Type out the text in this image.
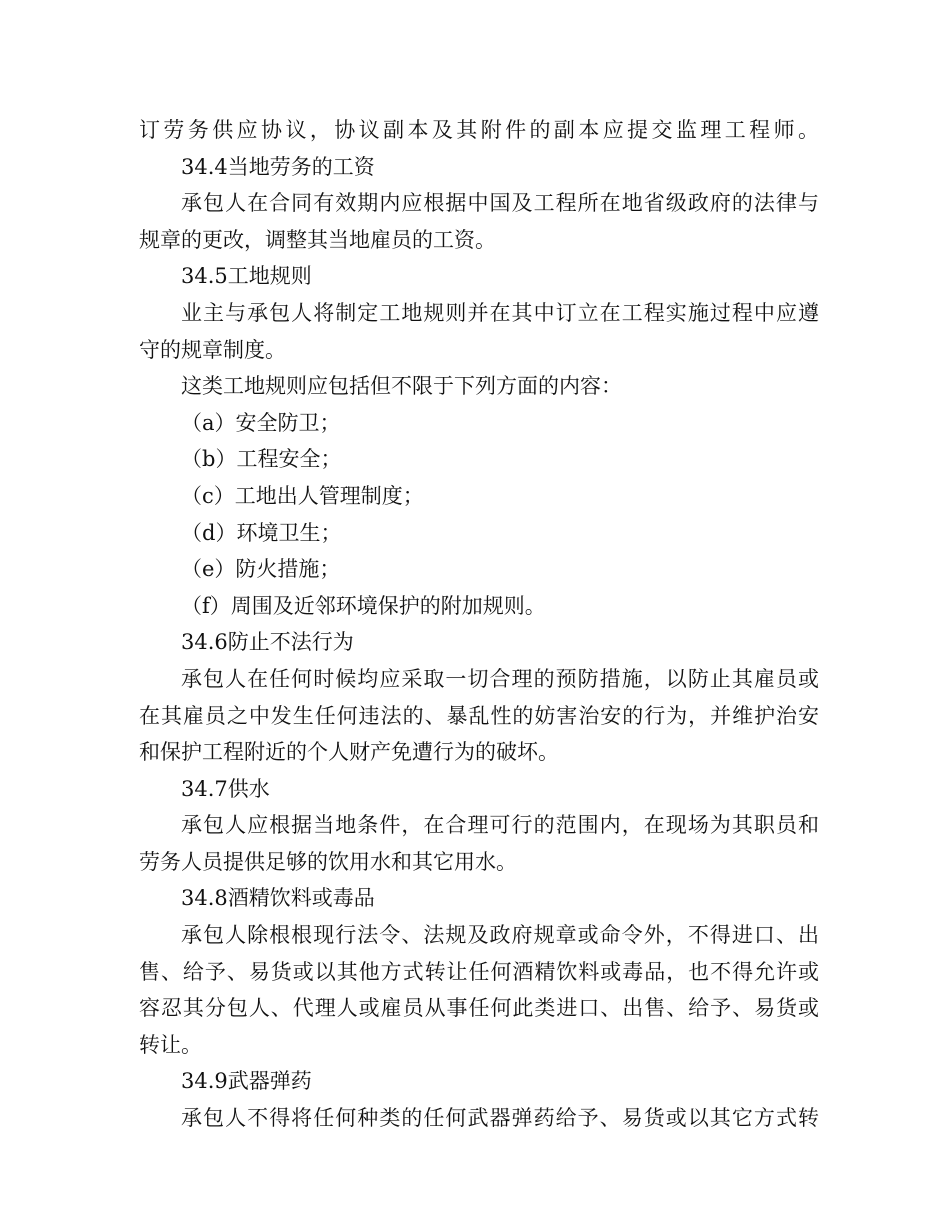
订劳务供应协议，协议副本及其附件的副本应提交监理工程师。
34.4当地劳务的工资
承包人在合同有效期内应根据中国及工程所在地省级政府的法律与
规章的更改，调整其当地雇员的工资。
34.5工地规则
业主与承包人将制定工地规则并在其中订立在工程实施过程中应遵
守的规章制度。
这类工地规则应包括但不限于下列方面的内容：
（a）安全防卫；
（b）工程安全；
（c）工地出人管理制度；
（d）环境卫生；
（e）防火措施；
（f）周围及近邻环境保护的附加规则。
34.6防止不法行为
承包人在任何时候均应采取一切合理的预防措施，以防止其雇员或
在其雇员之中发生任何违法的、暴乱性的妨害治安的行为，并维护治安
和保护工程附近的个人财产免遭行为的破坏。
34.7供水
承包人应根据当地条件，在合理可行的范围内，在现场为其职员和
劳务人员提供足够的饮用水和其它用水。
34.8酒精饮料或毒品
承包人除根根现行法令、法规及政府规章或命令外，不得进口、出
售、给予、易货或以其他方式转让任何酒精饮料或毒品，也不得允许或
容忍其分包人、代理人或雇员从事任何此类进口、出售、给予、易货或
转让。
34.9武器弹药
承包人不得将任何种类的任何武器弹药给予、易货或以其它方式转
